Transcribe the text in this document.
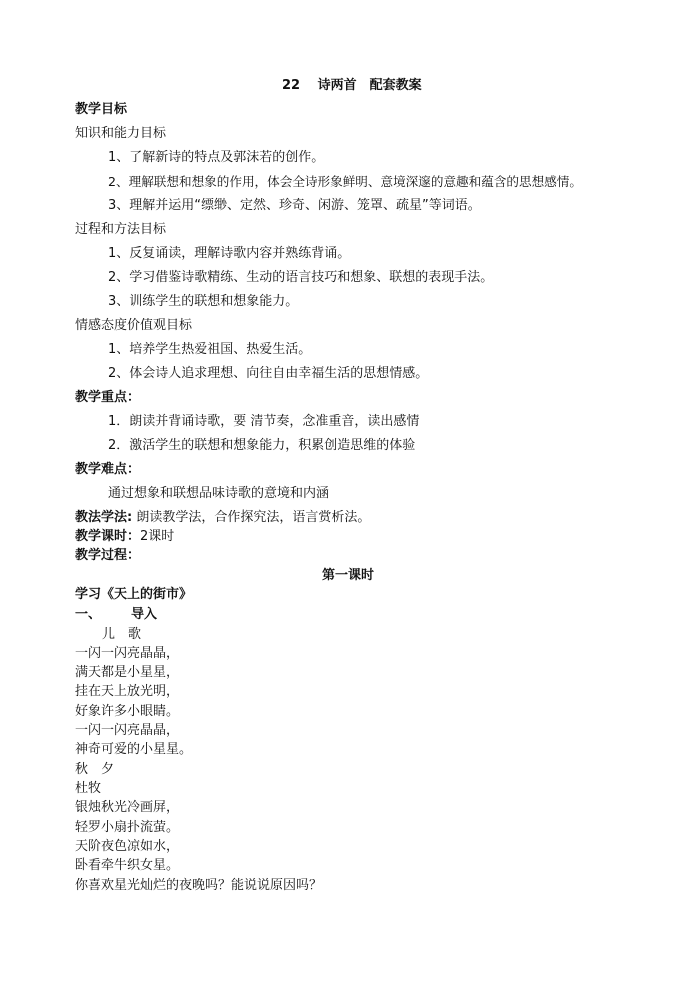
22　 诗两首　配套教案
教学目标
知识和能力目标
1、了解新诗的特点及郭沫若的创作。
2、理解联想和想象的作用，体会全诗形象鲜明、意境深邃的意趣和蕴含的思想感情。
3、理解并运用“缥缈、定然、珍奇、闲游、笼罩、疏星”等词语。
过程和方法目标
1、反复诵读，理解诗歌内容并熟练背诵。
2、学习借鉴诗歌精练、生动的语言技巧和想象、联想的表现手法。
3、训练学生的联想和想象能力。
情感态度价值观目标
1、培养学生热爱祖国、热爱生活。
2、体会诗人追求理想、向往自由幸福生活的思想情感。
教学重点：
1．朗读并背诵诗歌，要 清节奏，念准重音，读出感情
2．激活学生的联想和想象能力，积累创造思维的体验
教学难点：
通过想象和联想品味诗歌的意境和内涵
教法学法: 朗读教学法，合作探究法，语言赏析法。
教学课时：2课时
教学过程：
第一课时
学习《天上的街市》
一、 导入
儿　歌
一闪一闪亮晶晶，
满天都是小星星，
挂在天上放光明，
好象许多小眼睛。
一闪一闪亮晶晶，
神奇可爱的小星星。
秋　夕
杜牧
银烛秋光冷画屏，
轻罗小扇扑流萤。
天阶夜色凉如水，
卧看牵牛织女星。
你喜欢星光灿烂的夜晚吗？能说说原因吗？
